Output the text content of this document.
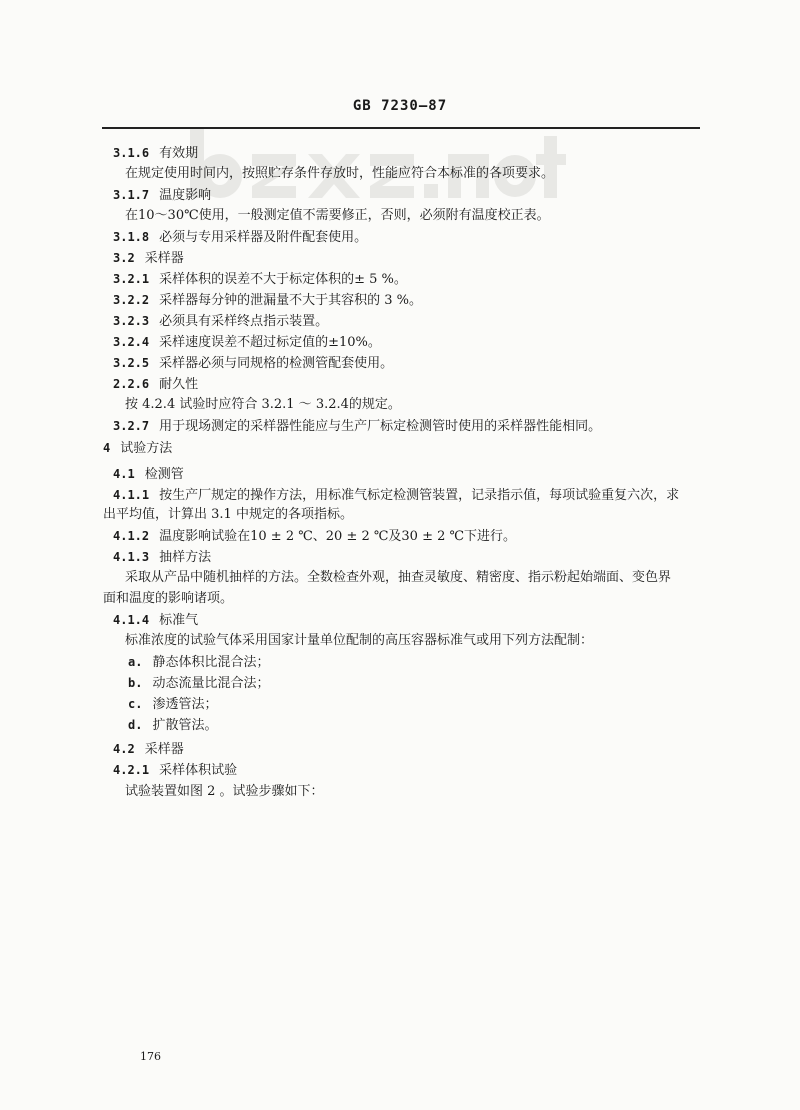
GB 7230—87
3.1.6 有效期
在规定使用时间内，按照贮存条件存放时，性能应符合本标准的各项要求。
3.1.7 温度影响
在10～30℃使用，一般测定值不需要修正，否则，必须附有温度校正表。
3.1.8 必须与专用采样器及附件配套使用。
3.2 采样器
3.2.1 采样体积的误差不大于标定体积的± 5 %。
3.2.2 采样器每分钟的泄漏量不大于其容积的 3 %。
3.2.3 必须具有采样终点指示装置。
3.2.4 采样速度误差不超过标定值的±10%。
3.2.5 采样器必须与同规格的检测管配套使用。
2.2.6 耐久性
按 4.2.4 试验时应符合 3.2.1 ～ 3.2.4的规定。
3.2.7 用于现场测定的采样器性能应与生产厂标定检测管时使用的采样器性能相同。
4 试验方法
4.1 检测管
4.1.1 按生产厂规定的操作方法，用标准气标定检测管装置，记录指示值，每项试验重复六次，求
出平均值，计算出 3.1 中规定的各项指标。
4.1.2 温度影响试验在10 ± 2 ℃、20 ± 2 ℃及30 ± 2 ℃下进行。
4.1.3 抽样方法
采取从产品中随机抽样的方法。全数检查外观，抽查灵敏度、精密度、指示粉起始端面、变色界
面和温度的影响诸项。
4.1.4 标准气
标准浓度的试验气体采用国家计量单位配制的高压容器标准气或用下列方法配制：
a. 静态体积比混合法；
b. 动态流量比混合法；
c. 渗透管法；
d. 扩散管法。
4.2 采样器
4.2.1 采样体积试验
试验装置如图 2 。试验步骤如下：
176
